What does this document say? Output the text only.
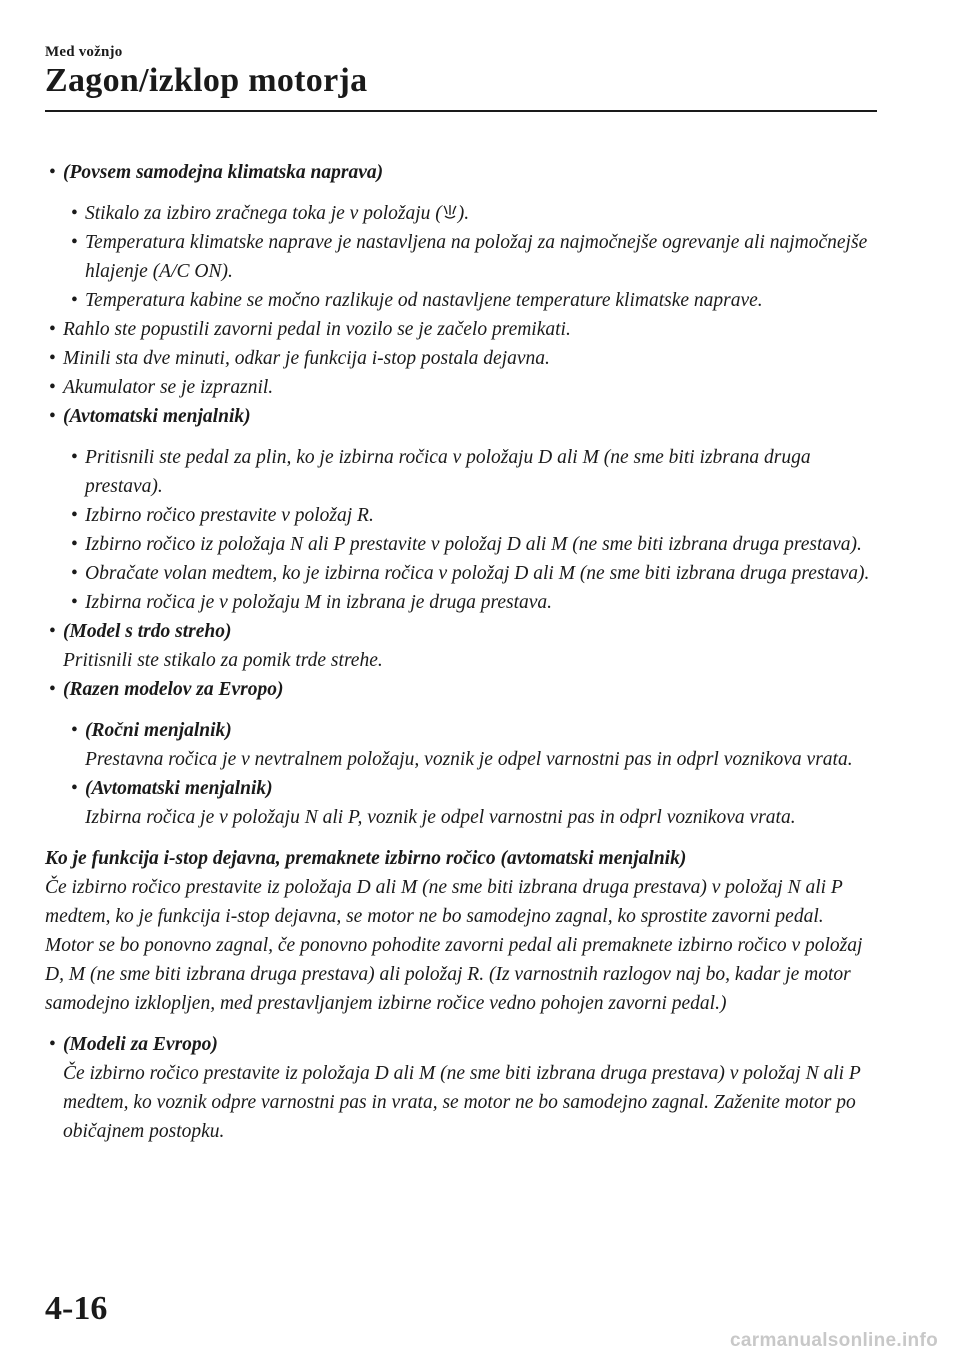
Med vožnjo
Zagon/izklop motorja
• (Povsem samodejna klimatska naprava)
• Stikalo za izbiro zračnega toka je v položaju ( ).
• Temperatura klimatske naprave je nastavljena na položaj za najmočnejše ogrevanje ali najmočnejše hlajenje (A/C ON).
• Temperatura kabine se močno razlikuje od nastavljene temperature klimatske naprave.
• Rahlo ste popustili zavorni pedal in vozilo se je začelo premikati.
• Minili sta dve minuti, odkar je funkcija i-stop postala dejavna.
• Akumulator se je izpraznil.
• (Avtomatski menjalnik)
• Pritisnili ste pedal za plin, ko je izbirna ročica v položaju D ali M (ne sme biti izbrana druga prestava).
• Izbirno ročico prestavite v položaj R.
• Izbirno ročico iz položaja N ali P prestavite v položaj D ali M (ne sme biti izbrana druga prestava).
• Obračate volan medtem, ko je izbirna ročica v položaj D ali M (ne sme biti izbrana druga prestava).
• Izbirna ročica je v položaju M in izbrana je druga prestava.
• (Model s trdo streho)
Pritisnili ste stikalo za pomik trde strehe.
• (Razen modelov za Evropo)
• (Ročni menjalnik)
Prestavna ročica je v nevtralnem položaju, voznik je odpel varnostni pas in odprl voznikova vrata.
• (Avtomatski menjalnik)
Izbirna ročica je v položaju N ali P, voznik je odpel varnostni pas in odprl voznikova vrata.
Ko je funkcija i-stop dejavna, premaknete izbirno ročico (avtomatski menjalnik)
Če izbirno ročico prestavite iz položaja D ali M (ne sme biti izbrana druga prestava) v položaj N ali P medtem, ko je funkcija i-stop dejavna, se motor ne bo samodejno zagnal, ko sprostite zavorni pedal. Motor se bo ponovno zagnal, če ponovno pohodite zavorni pedal ali premaknete izbirno ročico v položaj D, M (ne sme biti izbrana druga prestava) ali položaj R. (Iz varnostnih razlogov naj bo, kadar je motor samodejno izklopljen, med prestavljanjem izbirne ročice vedno pohojen zavorni pedal.)
• (Modeli za Evropo)
Če izbirno ročico prestavite iz položaja D ali M (ne sme biti izbrana druga prestava) v položaj N ali P medtem, ko voznik odpre varnostni pas in vrata, se motor ne bo samodejno zagnal. Zaženite motor po običajnem postopku.
4-16
carmanualsonline.info
